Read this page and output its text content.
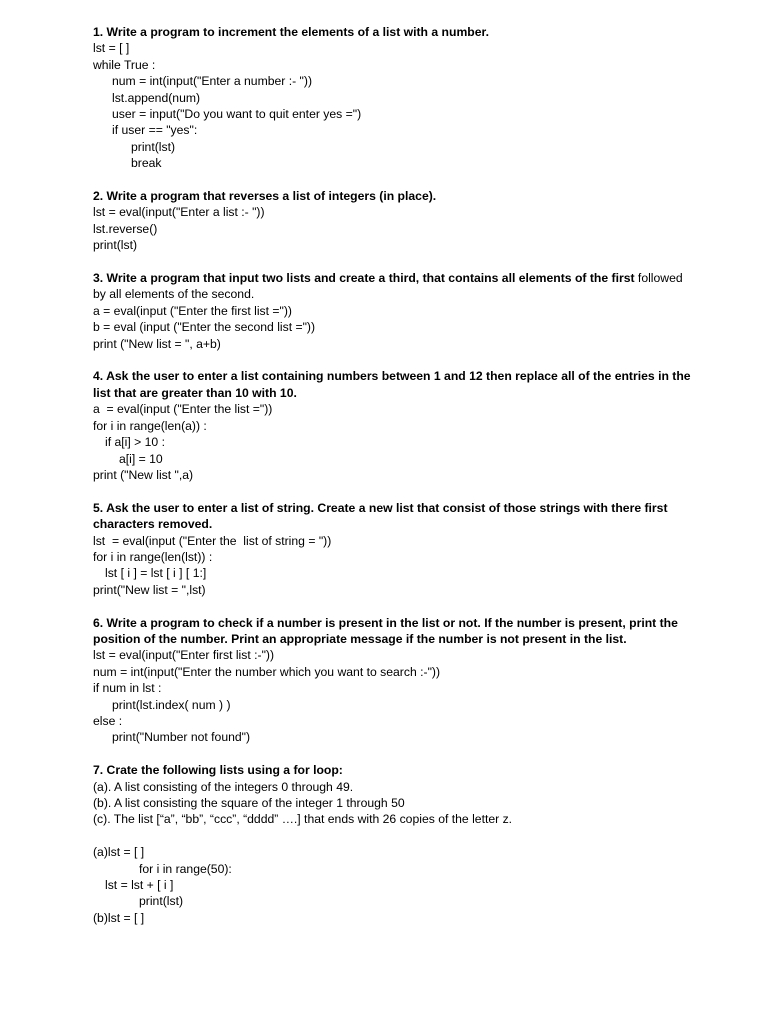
1. Write a program to increment the elements of a list with a number.
lst = [ ]
while True :
num = int(input("Enter a number :- "))
lst.append(num)
user = input("Do you want to quit enter yes =")
if user == "yes":
print(lst)
break
2. Write a program that reverses a list of integers (in place).
lst = eval(input("Enter a list :- "))
lst.reverse()
print(lst)
3. Write a program that input two lists and create a third, that contains all elements of the first followed
by all elements of the second.
a = eval(input ("Enter the first list ="))
b = eval (input ("Enter the second list ="))
print ("New list = ", a+b)
4. Ask the user to enter a list containing numbers between 1 and 12 then replace all of the entries in the
list that are greater than 10 with 10.
a  = eval(input ("Enter the list ="))
for i in range(len(a)) :
if a[i] > 10 :
a[i] = 10
print ("New list ",a)
5. Ask the user to enter a list of string. Create a new list that consist of those strings with there first
characters removed.
lst  = eval(input ("Enter the  list of string = "))
for i in range(len(lst)) :
lst [ i ] = lst [ i ] [ 1:]
print("New list = ",lst)
6. Write a program to check if a number is present in the list or not. If the number is present, print the
position of the number. Print an appropriate message if the number is not present in the list.
lst = eval(input("Enter first list :-"))
num = int(input("Enter the number which you want to search :-"))
if num in lst :
print(lst.index( num ) )
else :
print("Number not found")
7. Crate the following lists using a for loop:
(a). A list consisting of the integers 0 through 49.
(b). A list consisting the square of the integer 1 through 50
(c). The list [“a”, “bb”, “ccc”, “dddd” ….] that ends with 26 copies of the letter z.
(a)lst = [ ]
for i in range(50):
lst = lst + [ i ]
print(lst)
(b)lst = [ ]
